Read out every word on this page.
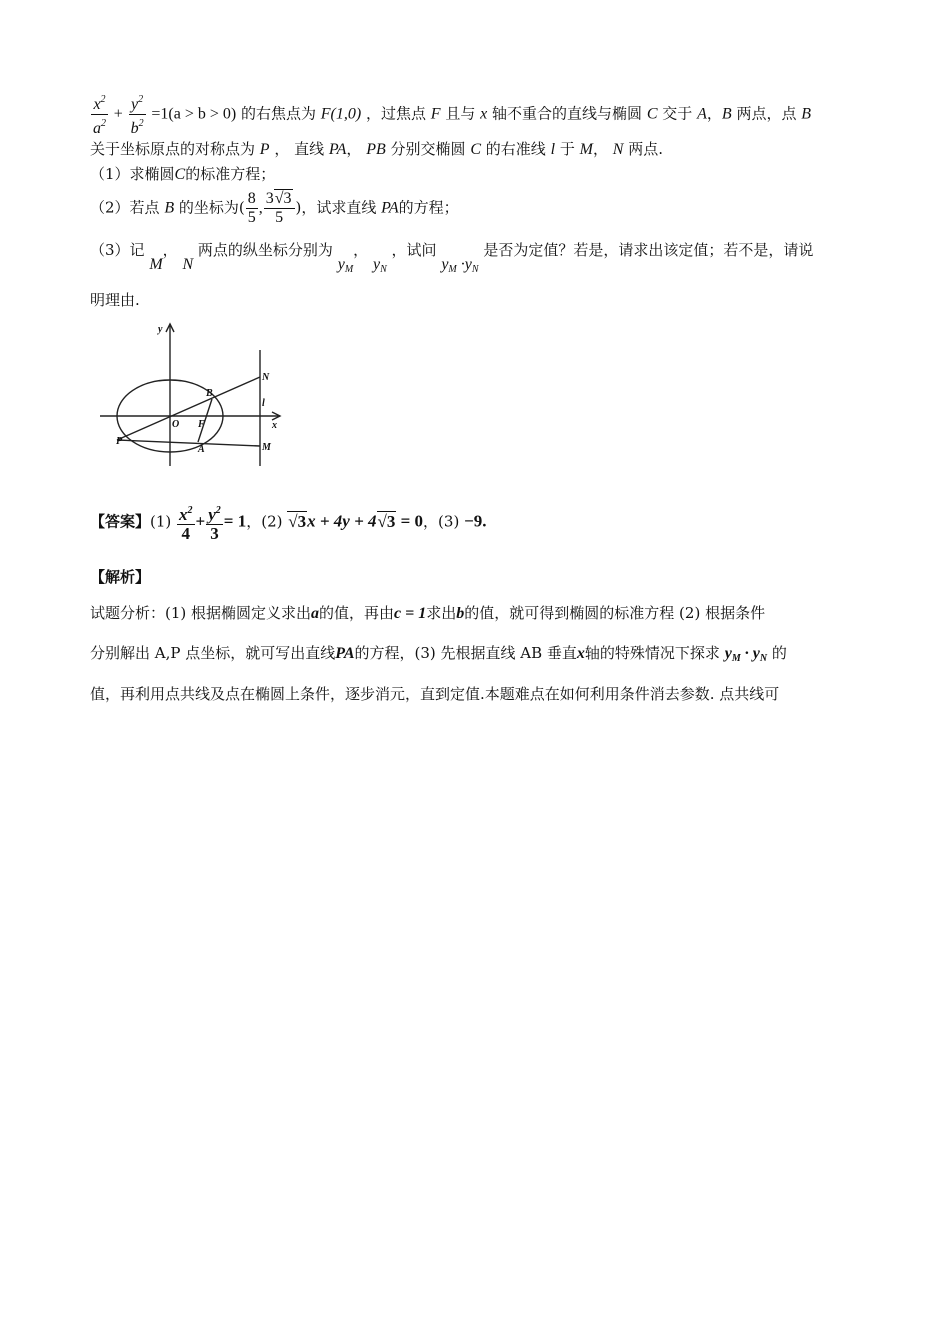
$\frac{x^2}{a^2} + \frac{y^2}{b^2} =1(a > b > 0)$ 的右焦点为 F(1,0) ，过焦点 F 且与 x 轴不重合的直线与椭圆 C 交于 A，B 两点，点 B
关于坐标原点的对称点为 P ， 直线 PA， PB 分别交椭圆 C 的右准线 l 于 M， N 两点.
（1）求椭圆C的标准方程；
（2）若点 B 的坐标为( $\frac{8}{5}$ , $\frac{3√3}{5}$ )，试求直线 PA的方程；
（3）记 M， N 两点的纵坐标分别为 $y_M$， $y_N$ ，试问 $y_M \cdot y_N$ 是否为定值？若是，请求出该定值；若不是，请说
明理由.
y
x
O F
B
A
P
N
M
l
【答案】$(1) \frac{x^2}{4} + \frac{y^2}{3} = 1$，(2) √3x + 4y + 4√3 = 0，(3) −9.
【解析】
试题分析：(1) 根据椭圆定义求出a的值，再由c = 1求出b的值，就可得到椭圆的标准方程 (2) 根据条件
分别解出 A,P 点坐标，就可写出直线PA的方程，(3) 先根据直线 AB 垂直x轴的特殊情况下探求 $y_M \cdot y_N$ 的
值，再利用点共线及点在椭圆上条件，逐步消元，直到定值.本题难点在如何利用条件消去参数. 点共线可
